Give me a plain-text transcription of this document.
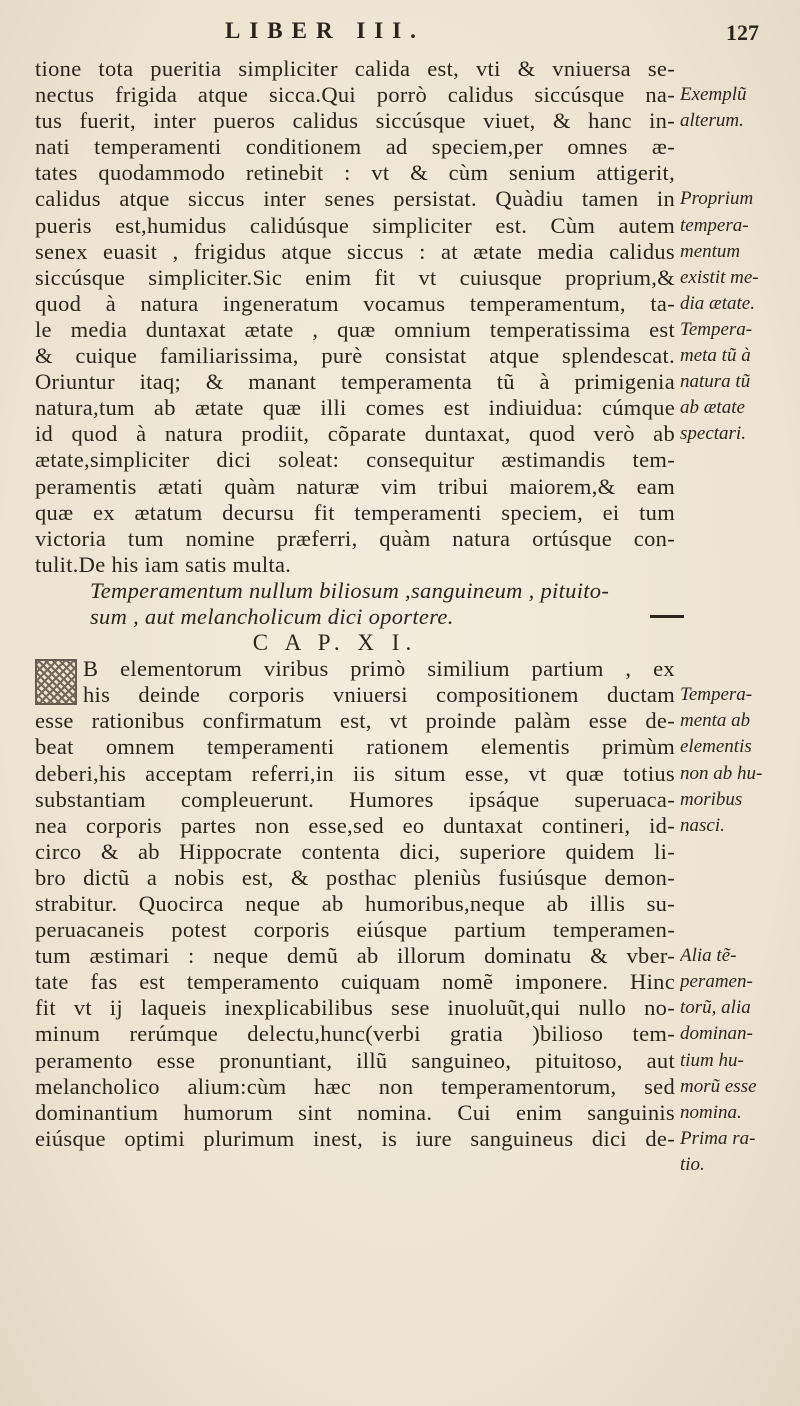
LIBER III.	127
tione tota pueritia simpliciter calida est, vti & vniuersa se-
nectus frigida atque sicca.Qui porrò calidus siccúsque na-
tus fuerit, inter pueros calidus siccúsque viuet, & hanc in-
nati temperamenti conditionem ad speciem,per omnes æ-
tates quodammodo retinebit : vt & cùm senium attigerit,
calidus atque siccus inter senes persistat. Quàdiu tamen in
pueris est,humidus calidúsque simpliciter est. Cùm autem
senex euasit , frigidus atque siccus : at ætate media calidus
siccúsque simpliciter.Sic enim fit vt cuiusque proprium,&
quod à natura ingeneratum vocamus temperamentum, ta-
le media duntaxat ætate , quæ omnium temperatissima est
& cuique familiarissima, purè consistat atque splendescat.
Oriuntur itaq; & manant temperamenta tũ à primigenia
natura,tum ab ætate quæ illi comes est indiuidua: cúmque
id quod à natura prodiit, cõparate duntaxat, quod verò ab
ætate,simpliciter dici soleat: consequitur æstimandis tem-
peramentis ætati quàm naturæ vim tribui maiorem,& eam
quæ ex ætatum decursu fit temperamenti speciem, ei tum
victoria tum nomine præferri, quàm natura ortúsque con-
tulit.De his iam satis multa.
Temperamentum nullum biliosum ,sanguineum , pituito-
sum , aut melancholicum dici oportere.
C A P. X I.
B elementorum viribus primò similium partium , ex
his deinde corporis vniuersi compositionem ductam
esse rationibus confirmatum est, vt proinde palàm esse de-
beat omnem temperamenti rationem elementis primùm
deberi,his acceptam referri,in iis situm esse, vt quæ totius
substantiam compleuerunt. Humores ipsáque superuaca-
nea corporis partes non esse,sed eo duntaxat contineri, id-
circo & ab Hippocrate contenta dici, superiore quidem li-
bro dictũ a nobis est, & posthac pleniùs fusiúsque demon-
strabitur. Quocirca neque ab humoribus,neque ab illis su-
peruacaneis potest corporis eiúsque partium temperamen-
tum æstimari : neque demũ ab illorum dominatu & vber-
tate fas est temperamento cuiquam nomẽ imponere. Hinc
fit vt ij laqueis inexplicabilibus sese inuoluũt,qui nullo no-
minum rerúmque delectu,hunc(verbi gratia )bilioso tem-
peramento esse pronuntiant, illũ sanguineo, pituitoso, aut
melancholico alium:cùm hæc non temperamentorum, sed
dominantium humorum sint nomina. Cui enim sanguinis
eiúsque optimi plurimum inest, is iure sanguineus dici de-
Exemplũ
alterum.
Proprium
tempera-
mentum
existit me-
dia ætate.
Tempera-
meta tũ à
natura tũ
ab ætate
spectari.
Tempera-
menta ab
elementis
non ab hu-
moribus
nasci.
Alia tẽ-
peramen-
torũ, alia
dominan-
tium hu-
morũ esse
nomina.
Prima ra-
tio.
